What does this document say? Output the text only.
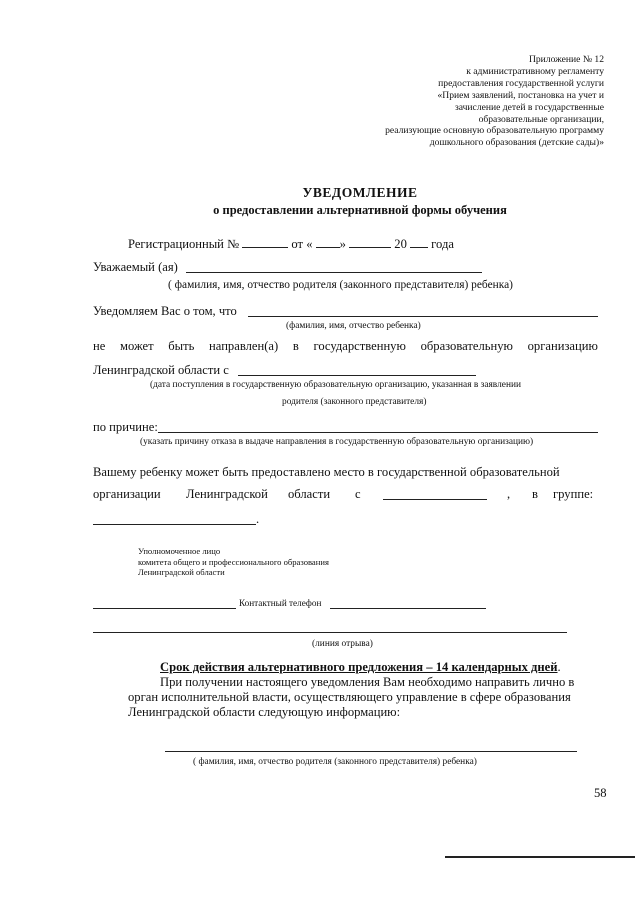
Приложение № 12
к административному регламенту
предоставления государственной услуги
«Прием заявлений, постановка на учет и
зачисление детей в государственные
образовательные организации,
реализующие основную образовательную программу
дошкольного образования (детские сады)»
УВЕДОМЛЕНИЕ
о предоставлении альтернативной формы обучения
Регистрационный №	от « »	20 года
Уважаемый (ая)
( фамилия, имя, отчество родителя (законного представителя) ребенка)
Уведомляем Вас о том, что
(фамилия, имя, отчество ребенка)
не может быть направлен(а) в государственную образовательную организацию
Ленинградской области с
(дата поступления в государственную образовательную организацию, указанная в заявлении
родителя (законного представителя)
по причине:
(указать причину отказа в выдаче направления в государственную образовательную организацию)
Вашему ребенку может быть предоставлено место в государственной образовательной
организации Ленинградской области с	, в группе:
.
Уполномоченное лицо
комитета общего и профессионального образования
Ленинградской области
Контактный телефон
(линия отрыва)
Срок действия альтернативного предложения – 14 календарных дней.
При получении настоящего уведомления Вам необходимо направить лично в
орган исполнительной власти, осуществляющего управление в сфере образования
Ленинградской области следующую информацию:
( фамилия, имя, отчество родителя (законного представителя) ребенка)
58
